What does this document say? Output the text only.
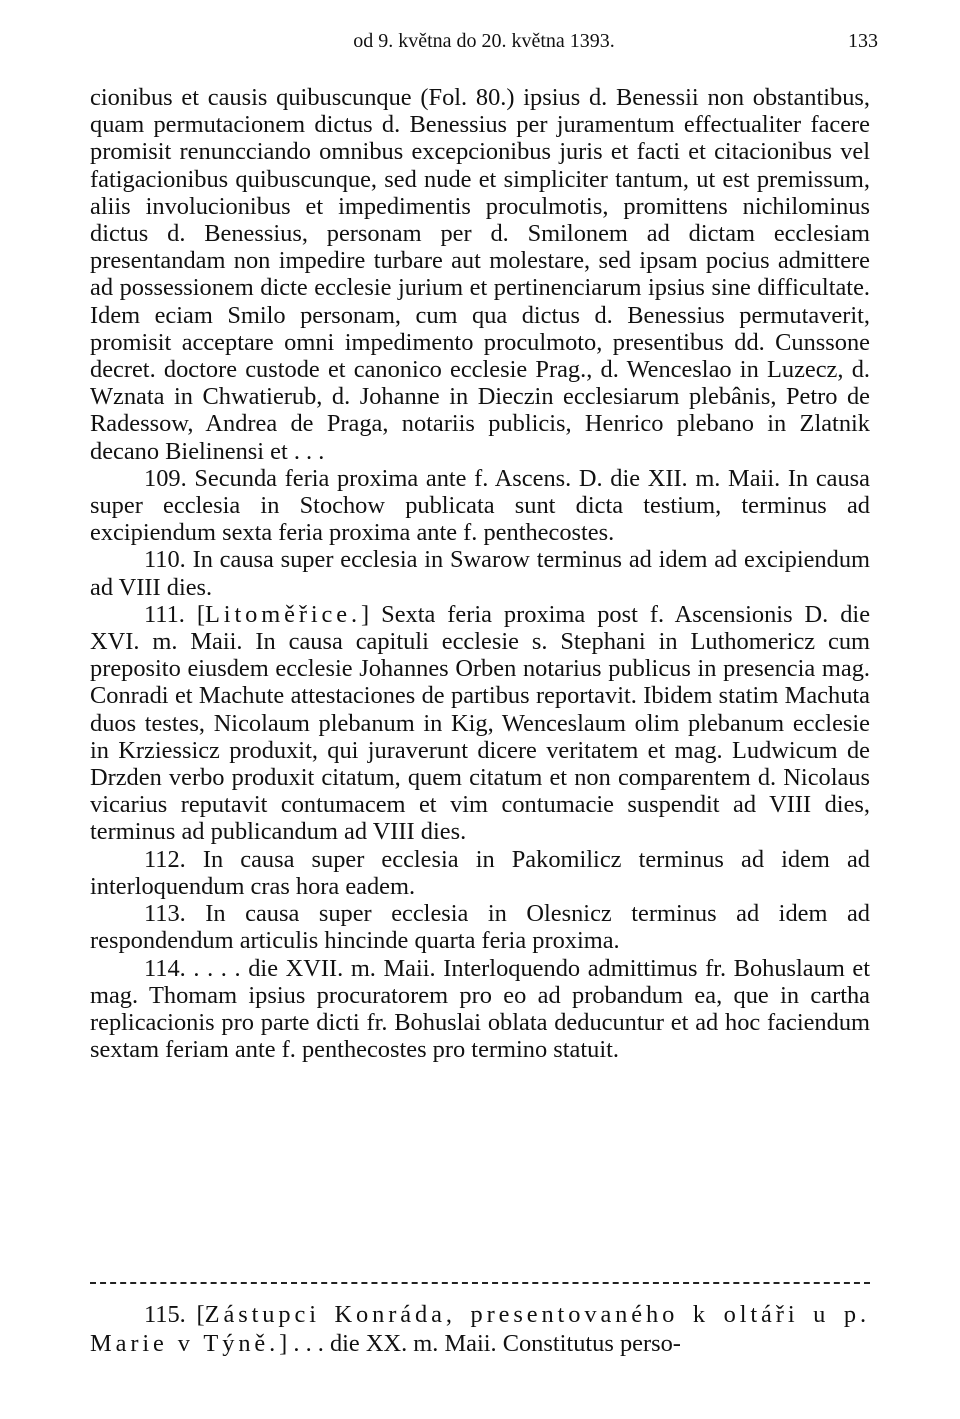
od 9. května do 20. května 1393.	133

cionibus et causis quibuscunque (Fol. 80.) ipsius d. Benessii non obstantibus, quam permutacionem dictus d. Benessius per juramentum effectualiter facere promisit renuncciando omnibus excepcionibus juris et facti et citacionibus vel fatigacionibus quibuscunque, sed nude et simpliciter tantum, ut est premissum, aliis involucionibus et impedimentis proculmotis, promittens nichilominus dictus d. Benessius, personam per d. Smilonem ad dictam ecclesiam presentandam non impedire turbare aut molestare, sed ipsam pocius admittere ad possessionem dicte ecclesie jurium et pertinenciarum ipsius sine difficultate. Idem eciam Smilo personam, cum qua dictus d. Benessius permutaverit, promisit acceptare omni impedimento proculmoto, presentibus dd. Cunssone decret. doctore custode et canonico ecclesie Prag., d. Wenceslao in Luzecz, d. Wznata in Chwatierub, d. Johanne in Dieczin ecclesiarum plebânis, Petro de Radessow, Andrea de Praga, notariis publicis, Henrico plebano in Zlatnik decano Bielinensi et . . .

109. Secunda feria proxima ante f. Ascens. D. die XII. m. Maii. In causa super ecclesia in Stochow publicata sunt dicta testium, terminus ad excipiendum sexta feria proxima ante f. penthecostes.

110. In causa super ecclesia in Swarow terminus ad idem ad excipiendum ad VIII dies.

111. [Litoměřice.] Sexta feria proxima post f. Ascensionis D. die XVI. m. Maii. In causa capituli ecclesie s. Stephani in Luthomericz cum preposito eiusdem ecclesie Johannes Orben notarius publicus in presencia mag. Conradi et Machute attestaciones de partibus reportavit. Ibidem statim Machuta duos testes, Nicolaum plebanum in Kig, Wenceslaum olim plebanum ecclesie in Krziessicz produxit, qui juraverunt dicere veritatem et mag. Ludwicum de Drzden verbo produxit citatum, quem citatum et non comparentem d. Nicolaus vicarius reputavit contumacem et vim contumacie suspendit ad VIII dies, terminus ad publicandum ad VIII dies.

112. In causa super ecclesia in Pakomilicz terminus ad idem ad interloquendum cras hora eadem.

113. In causa super ecclesia in Olesnicz terminus ad idem ad respondendum articulis hincinde quarta feria proxima.

114. . . . . die XVII. m. Maii. Interloquendo admittimus fr. Bohuslaum et mag. Thomam ipsius procuratorem pro eo ad probandum ea, que in cartha replicacionis pro parte dicti fr. Bohuslai oblata deducuntur et ad hoc faciendum sextam feriam ante f. penthecostes pro termino statuit.

115. [Zástupci Konráda, presentovaného k oltáři u p. Marie v Týně.] . . . die XX. m. Maii. Constitutus perso-
